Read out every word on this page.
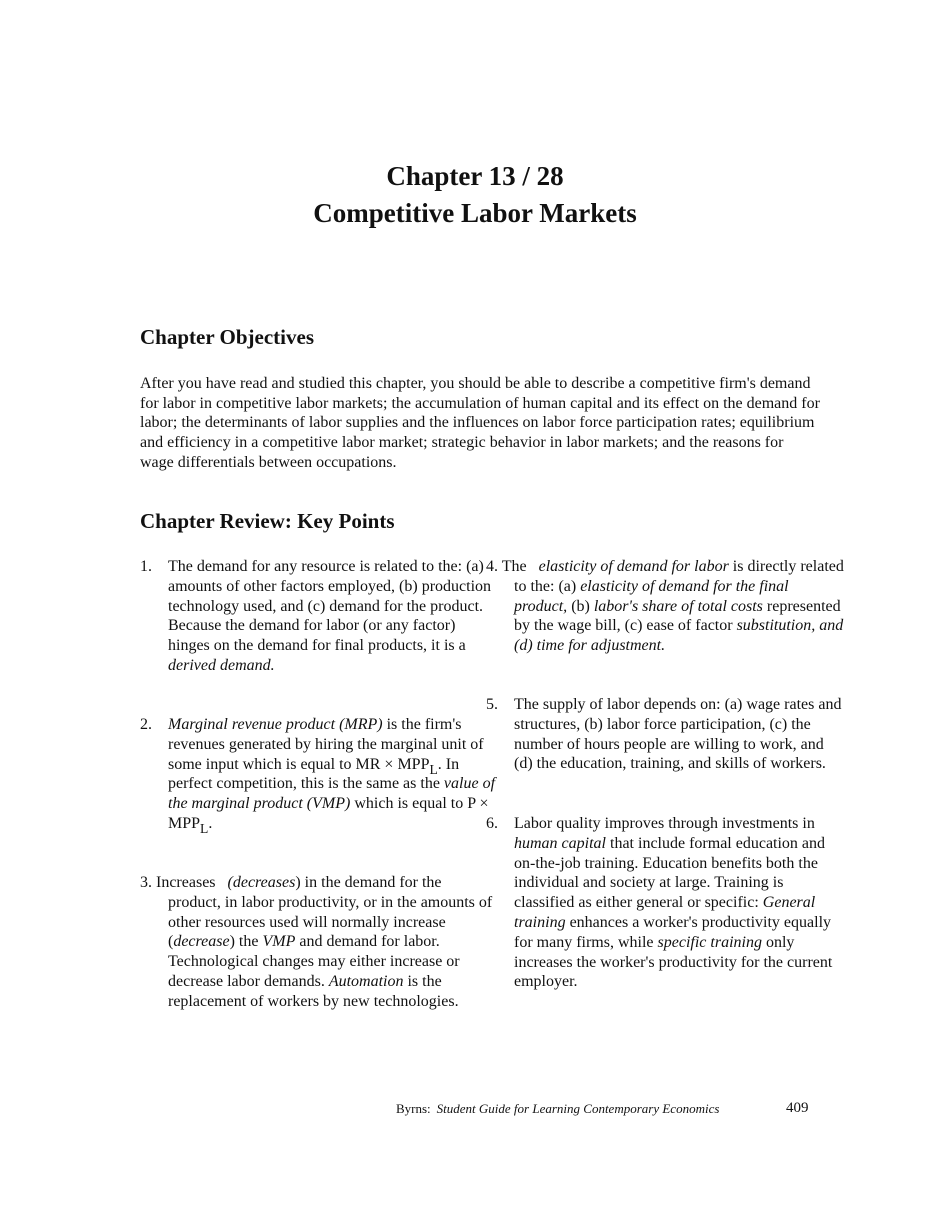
Chapter 13 / 28
Competitive Labor Markets
Chapter Objectives

After you have read and studied this chapter, you should be able to describe a competitive firm's demand for labor in competitive labor markets; the accumulation of human capital and its effect on the demand for labor; the determinants of labor supplies and the influences on labor force participation rates; equilibrium and efficiency in a competitive labor market; strategic behavior in labor markets; and the reasons for wage differentials between occupations.

Chapter Review: Key Points
1. The demand for any resource is related to the: (a) amounts of other factors employed, (b) production technology used, and (c) demand for the product. Because the demand for labor (or any factor) hinges on the demand for final products, it is a derived demand.
2. Marginal revenue product (MRP) is the firm's revenues generated by hiring the marginal unit of some input which is equal to MR × $MPP_L$. In perfect competition, this is the same as the value of the marginal product (VMP) which is equal to $P \times MPP_L$.
3. Increases (decreases) in the demand for the product, in labor productivity, or in the amounts of other resources used will normally increase (decrease) the VMP and demand for labor. Technological changes may either increase or decrease labor demands. Automation is the replacement of workers by new technologies.
4. The elasticity of demand for labor is directly related to the: (a) elasticity of demand for the final product, (b) labor's share of total costs represented by the wage bill, (c) ease of factor substitution, and (d) time for adjustment.
5. The supply of labor depends on: (a) wage rates and structures, (b) labor force participation, (c) the number of hours people are willing to work, and (d) the education, training, and skills of workers.
6. Labor quality improves through investments in human capital that include formal education and on-the-job training. Education benefits both the individual and society at large. Training is classified as either general or specific: General training enhances a worker's productivity equally for many firms, while specific training only increases the worker's productivity for the current employer.
Byrns: Student Guide for Learning Contemporary Economics	409
